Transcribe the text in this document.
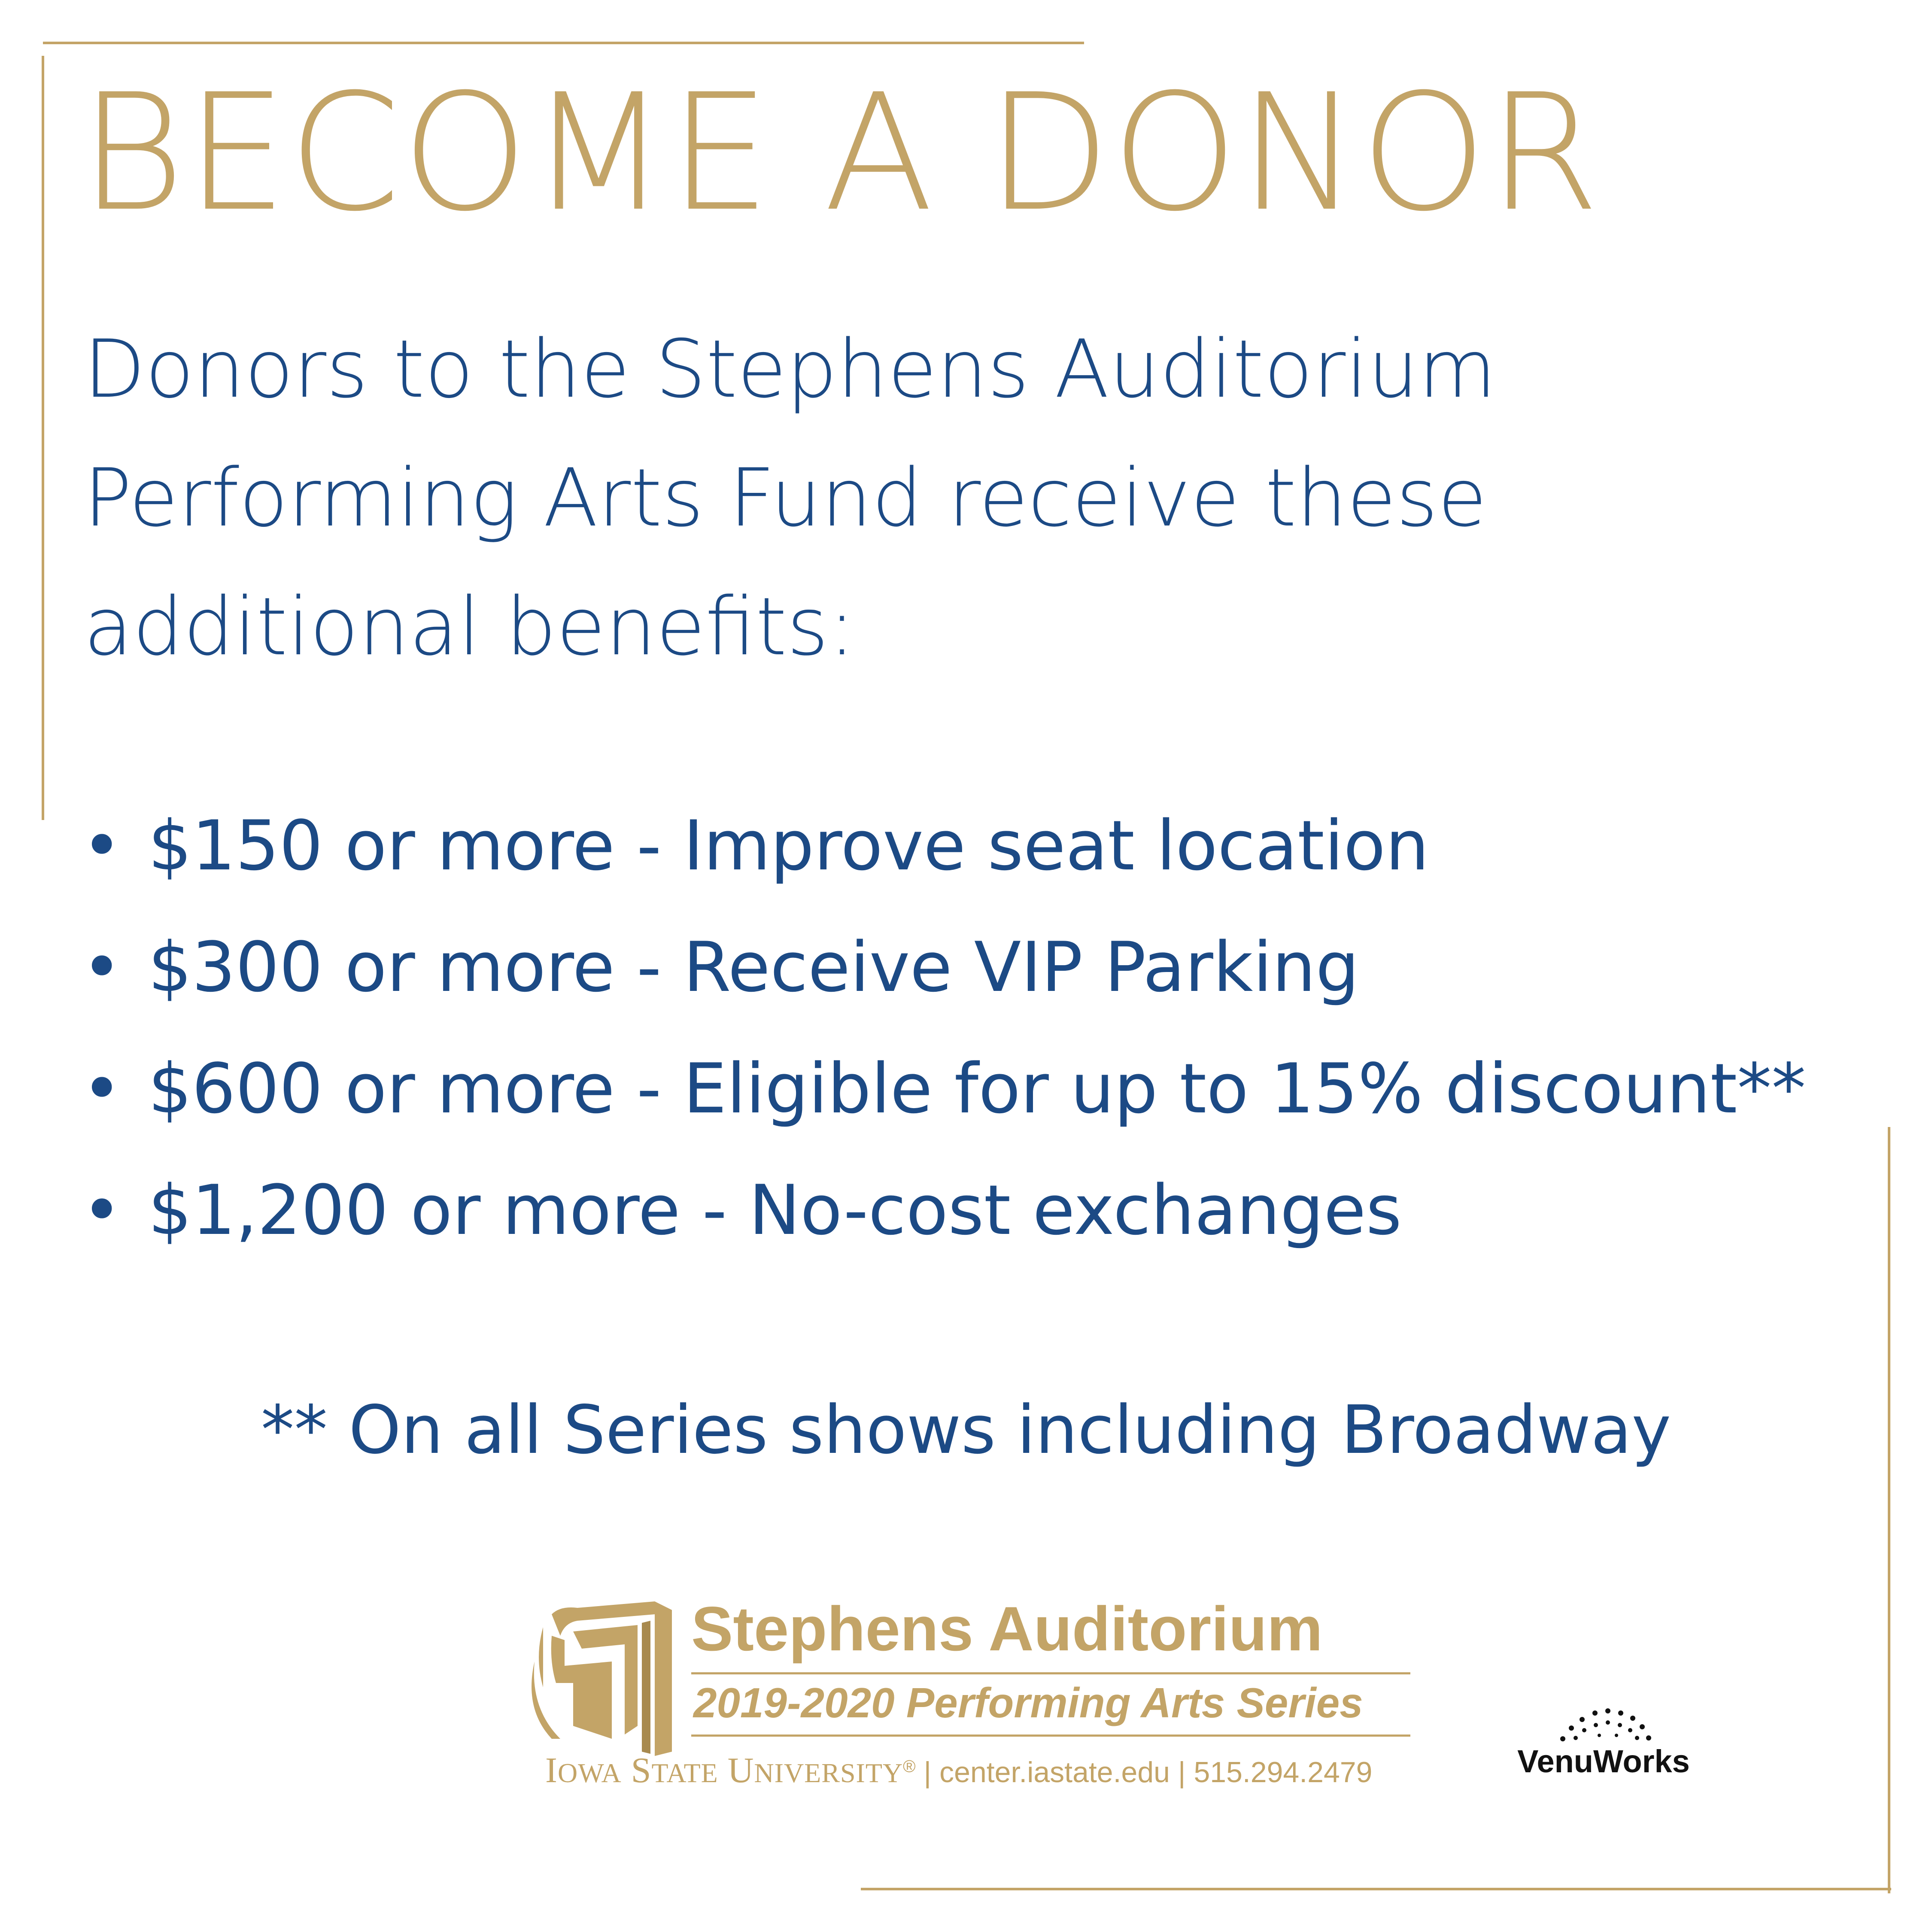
BECOME A DONOR
Donors to the Stephens Auditorium
Performing Arts Fund receive these
additional benefits:
• $150 or more - Improve seat location
• $300 or more - Receive VIP Parking
• $600 or more - Eligible for up to 15% discount**
• $1,200 or more - No-cost exchanges
** On all Series shows including Broadway
Stephens Auditorium
2019-2020 Performing Arts Series
IOWA STATE UNIVERSITY® | center.iastate.edu | 515.294.2479	VenuWorks
